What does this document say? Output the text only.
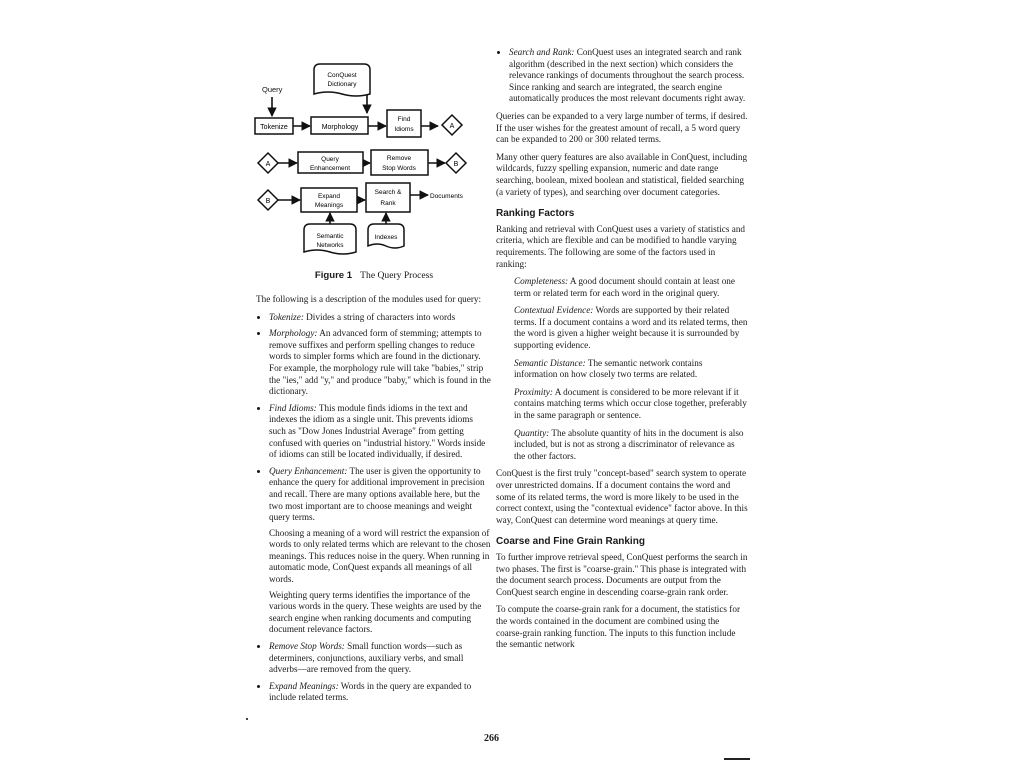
Query
ConQuest
Dictionary
Tokenize	Morphology
Find
Idioms	A
A
Query
Enhancement
Remove
Stop Words
B
B
Expand
Meanings
Search &
Rank
Documents
Semantic
Networks
Indexes
Figure 1 The Query Process

The following is a description of the modules used for query:

• Tokenize: Divides a string of characters into words
• Morphology: An advanced form of stemming; attempts to remove suffixes and perform spelling changes to reduce words to simpler forms which are found in the dictionary. For example, the morphology rule will take "babies," strip the "ies," add "y," and produce "baby," which is found in the dictionary.
• Find Idioms: This module finds idioms in the text and indexes the idiom as a single unit. This prevents idioms such as "Dow Jones Industrial Average" from getting confused with queries on "industrial history." Words inside of idioms can still be located individually, if desired.
• Query Enhancement: The user is given the opportunity to enhance the query for additional improvement in precision and recall. There are many options available here, but the two most important are to choose meanings and weight query terms.
Choosing a meaning of a word will restrict the expansion of words to only related terms which are relevant to the chosen meanings. This reduces noise in the query. When running in automatic mode, ConQuest expands all meanings of all words.
Weighting query terms identifies the importance of the various words in the query. These weights are used by the search engine when ranking documents and computing document relevance factors.
• Remove Stop Words: Small function words—such as determiners, conjunctions, auxiliary verbs, and small adverbs—are removed from the query.
• Expand Meanings: Words in the query are expanded to include related terms.
• Search and Rank: ConQuest uses an integrated search and rank algorithm (described in the next section) which considers the relevance rankings of documents throughout the search process. Since ranking and search are integrated, the search engine automatically produces the most relevant documents right away.

Queries can be expanded to a very large number of terms, if desired. If the user wishes for the greatest amount of recall, a 5 word query can be expanded to 200 or 300 related terms.

Many other query features are also available in ConQuest, including wildcards, fuzzy spelling expansion, numeric and date range searching, boolean, mixed boolean and statistical, fielded searching (a variety of types), and searching over document categories.

Ranking Factors

Ranking and retrieval with ConQuest uses a variety of statistics and criteria, which are flexible and can be modified to handle varying requirements. The following are some of the factors used in ranking:

Completeness: A good document should contain at least one term or related term for each word in the original query.
Contextual Evidence: Words are supported by their related terms. If a document contains a word and its related terms, then the word is given a higher weight because it is surrounded by supporting evidence.
Semantic Distance: The semantic network contains information on how closely two terms are related.
Proximity: A document is considered to be more relevant if it contains matching terms which occur close together, preferably in the same paragraph or sentence.
Quantity: The absolute quantity of hits in the document is also included, but is not as strong a discriminator of relevance as the other factors.

ConQuest is the first truly "concept-based" search system to operate over unrestricted domains. If a document contains the word and some of its related terms, the word is more likely to be used in the correct context, using the "contextual evidence" factor above. In this way, ConQuest can determine word meanings at query time.

Coarse and Fine Grain Ranking

To further improve retrieval speed, ConQuest performs the search in two phases. The first is "coarse-grain." This phase is integrated with the document search process. Documents are output from the ConQuest search engine in descending coarse-grain rank order.

To compute the coarse-grain rank for a document, the statistics for the words contained in the document are combined using the coarse-grain ranking function. The inputs to this function include the semantic network

266
